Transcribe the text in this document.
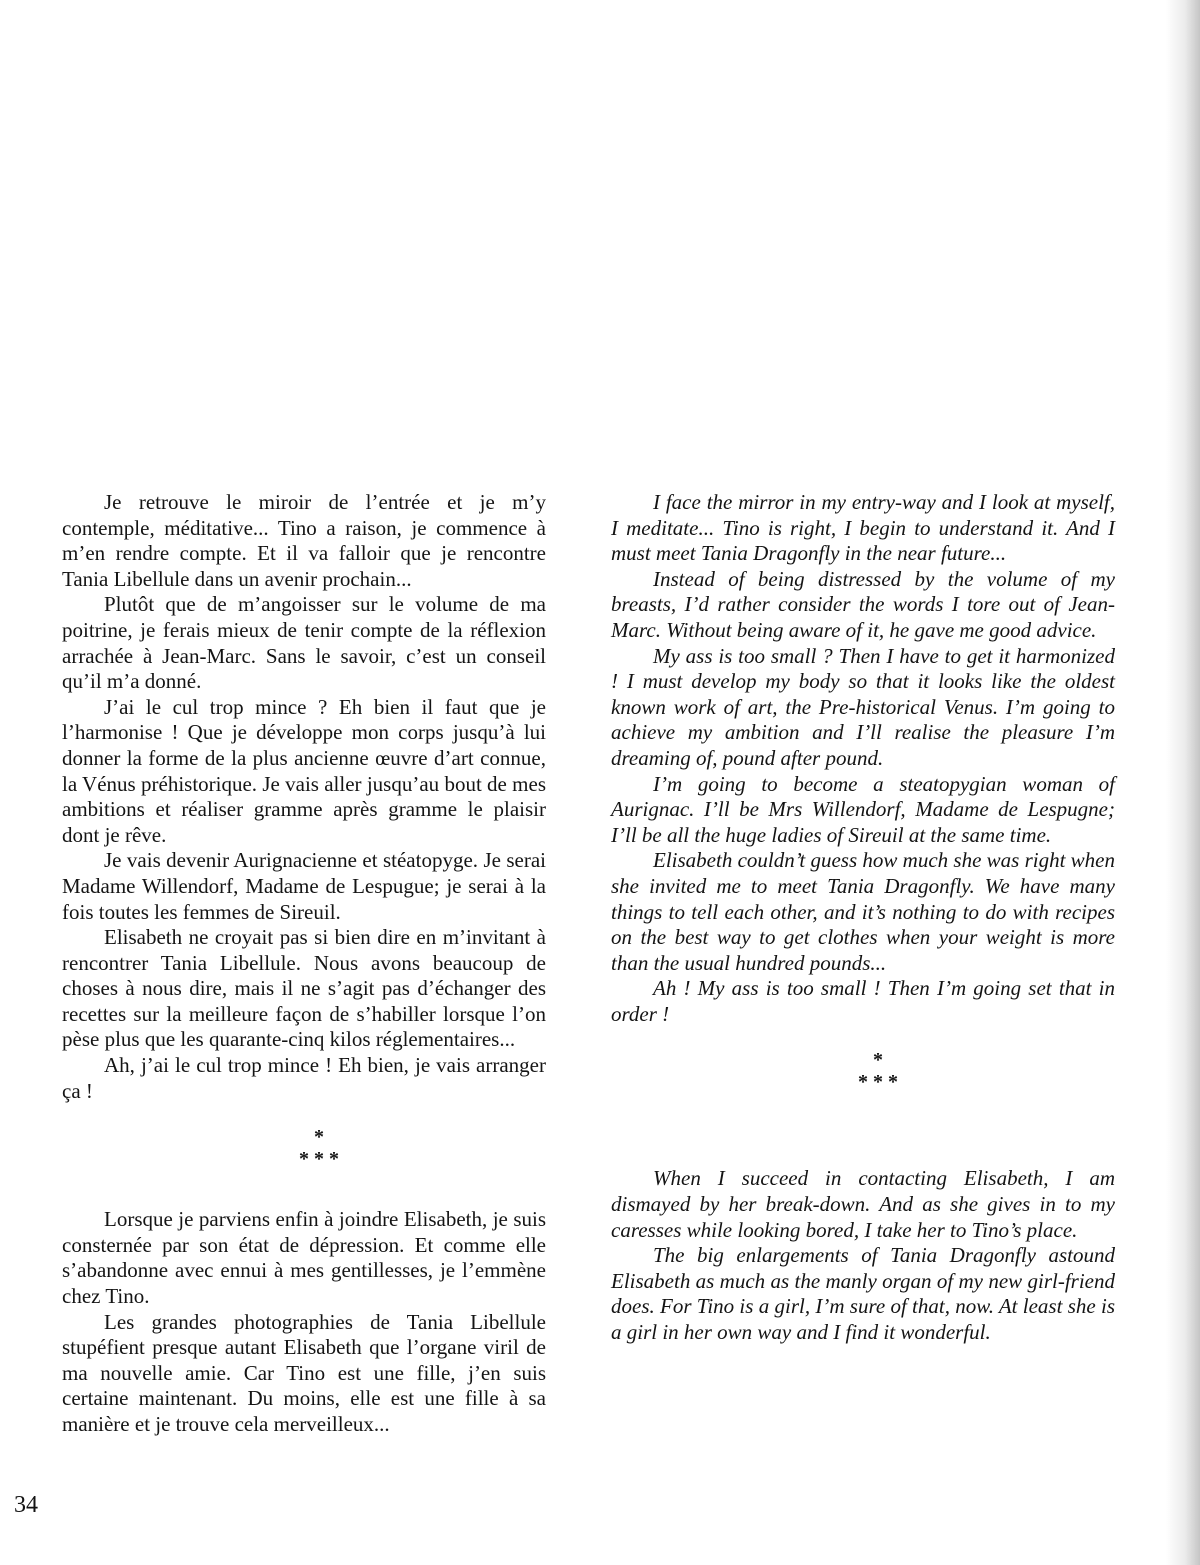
Je retrouve le miroir de l’entrée et je m’y contemple, méditative... Tino a raison, je commence à m’en rendre compte. Et il va falloir que je rencontre Tania Libellule dans un avenir prochain...

Plutôt que de m’angoisser sur le volume de ma poitrine, je ferais mieux de tenir compte de la réflexion arrachée à Jean-Marc. Sans le savoir, c’est un conseil qu’il m’a donné.

J’ai le cul trop mince ? Eh bien il faut que je l’harmonise ! Que je développe mon corps jusqu’à lui donner la forme de la plus ancienne œuvre d’art connue, la Vénus préhistorique. Je vais aller jusqu’au bout de mes ambitions et réaliser gramme après gramme le plaisir dont je rêve.

Je vais devenir Aurignacienne et stéatopyge. Je serai Madame Willendorf, Madame de Lespugue; je serai à la fois toutes les femmes de Sireuil.

Elisabeth ne croyait pas si bien dire en m’invitant à rencontrer Tania Libellule. Nous avons beaucoup de choses à nous dire, mais il ne s’agit pas d’échanger des recettes sur la meilleure façon de s’habiller lorsque l’on pèse plus que les quarante-cinq kilos réglementaires...

Ah, j’ai le cul trop mince ! Eh bien, je vais arranger ça !

*
* * *

Lorsque je parviens enfin à joindre Elisabeth, je suis consternée par son état de dépression. Et comme elle s’abandonne avec ennui à mes gentillesses, je l’emmène chez Tino.

Les grandes photographies de Tania Libellule stupéfient presque autant Elisabeth que l’organe viril de ma nouvelle amie. Car Tino est une fille, j’en suis certaine maintenant. Du moins, elle est une fille à sa manière et je trouve cela merveilleux...

I face the mirror in my entry-way and I look at myself, I meditate... Tino is right, I begin to understand it. And I must meet Tania Dragonfly in the near future...

Instead of being distressed by the volume of my breasts, I’d rather consider the words I tore out of Jean-Marc. Without being aware of it, he gave me good advice.

My ass is too small ? Then I have to get it harmonized ! I must develop my body so that it looks like the oldest known work of art, the Pre-historical Venus. I’m going to achieve my ambition and I’ll realise the pleasure I’m dreaming of, pound after pound.

I’m going to become a steatopygian woman of Aurignac. I’ll be Mrs Willendorf, Madame de Lespugne; I’ll be all the huge ladies of Sireuil at the same time.

Elisabeth couldn’t guess how much she was right when she invited me to meet Tania Dragonfly. We have many things to tell each other, and it’s nothing to do with recipes on the best way to get clothes when your weight is more than the usual hundred pounds...

Ah ! My ass is too small ! Then I’m going set that in order !

*
* * *

When I succeed in contacting Elisabeth, I am dismayed by her break-down. And as she gives in to my caresses while looking bored, I take her to Tino’s place.

The big enlargements of Tania Dragonfly astound Elisabeth as much as the manly organ of my new girl-friend does. For Tino is a girl, I’m sure of that, now. At least she is a girl in her own way and I find it wonderful.

34
